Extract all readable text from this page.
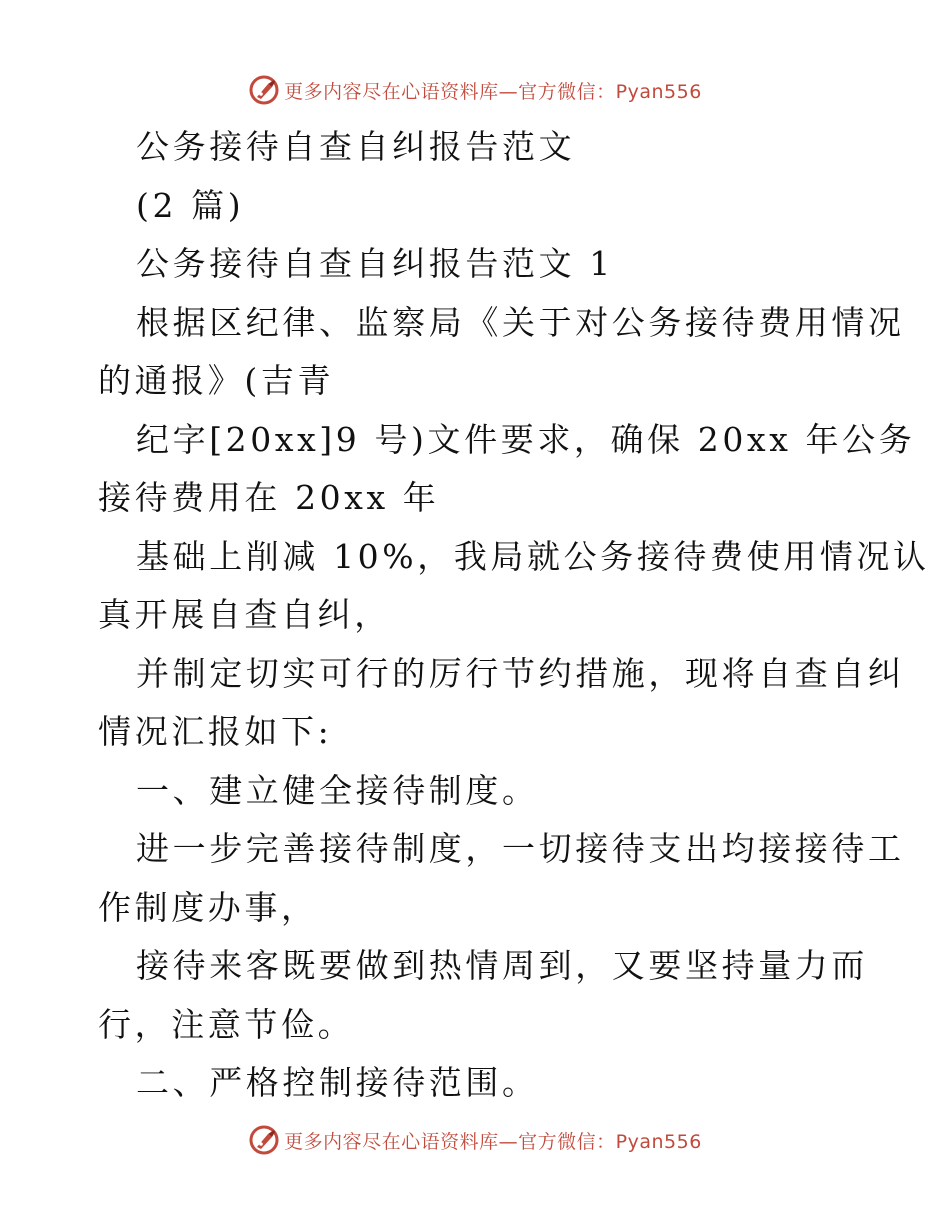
更多内容尽在心语资料库—官方微信：Pyan556
公务接待自查自纠报告范文
(2 篇)
公务接待自查自纠报告范文 1
根据区纪律、监察局《关于对公务接待费用情况
的通报》(吉青
纪字[20xx]9 号)文件要求，确保 20xx 年公务
接待费用在 20xx 年
基础上削减 10%，我局就公务接待费使用情况认
真开展自查自纠，
并制定切实可行的厉行节约措施，现将自查自纠
情况汇报如下:
一、建立健全接待制度。
进一步完善接待制度，一切接待支出均接接待工
作制度办事，
接待来客既要做到热情周到，又要坚持量力而
行，注意节俭。
二、严格控制接待范围。
更多内容尽在心语资料库—官方微信：Pyan556
